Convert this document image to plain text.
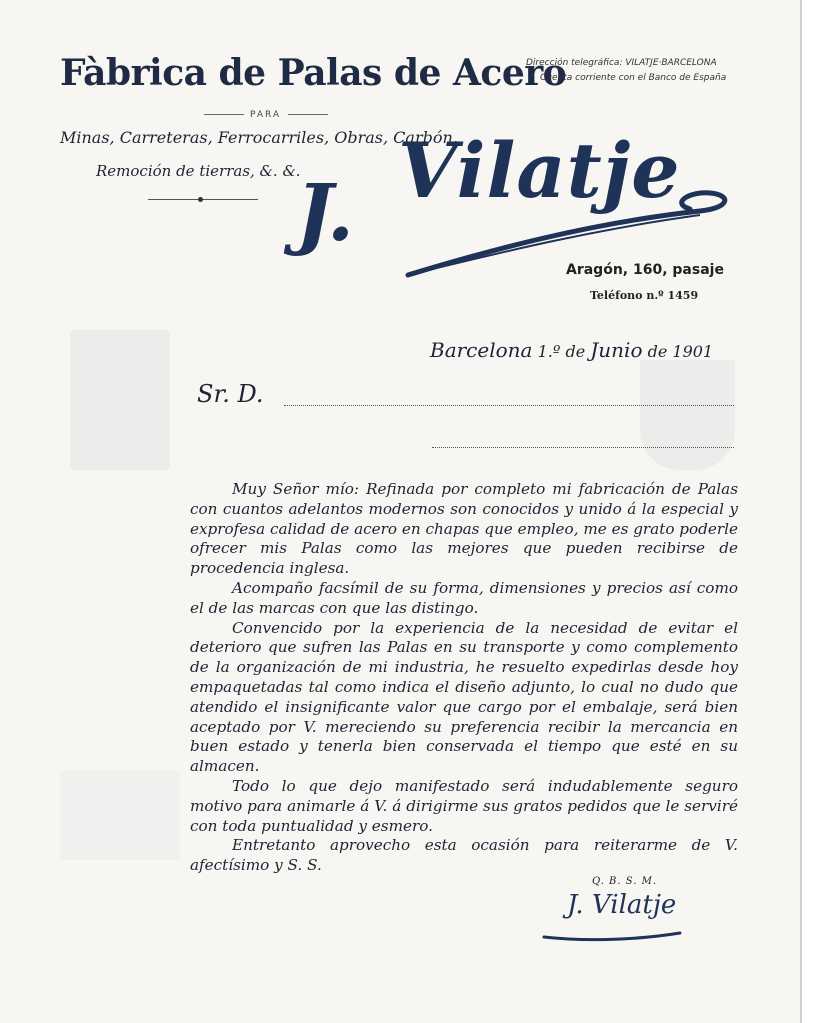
Fàbrica de Palas de Acero
PARA
Minas, Carreteras, Ferrocarriles, Obras, Carbón,
Remoción de tierras, &. &.
Dirección telegráfica: VILATJE·BARCELONA
Cuenta corriente con el Banco de España
J. Vilatje
Aragón, 160, pasaje
Teléfono n.º 1459
Barcelona 1.º de Junio de 1901
Sr. D.

Muy Señor mío: Refinada por completo mi fabricación de Palas con cuantos adelantos modernos son conocidos y unido á la especial y exprofesa calidad de acero en chapas que empleo, me es grato poderle ofrecer mis Palas como las mejores que pueden recibirse de procedencia inglesa.

Acompaño facsímil de su forma, dimensiones y precios así como el de las marcas con que las distingo.

Convencido por la experiencia de la necesidad de evitar el deterioro que sufren las Palas en su transporte y como complemento de la organización de mi industria, he resuelto expedirlas desde hoy empaquetadas tal como indica el diseño adjunto, lo cual no dudo que atendido el insignificante valor que cargo por el embalaje, será bien aceptado por V. mereciendo su preferencia recibir la mercancia en buen estado y tenerla bien conservada el tiempo que esté en su almacen.

Todo lo que dejo manifestado será indudablemente seguro motivo para animarle á V. á dirigirme sus gratos pedidos que le serviré con toda puntualidad y esmero.

Entretanto aprovecho esta ocasión para reiterarme de V. afectísimo y S. S.

Q. B. S. M.
J. Vilatje
